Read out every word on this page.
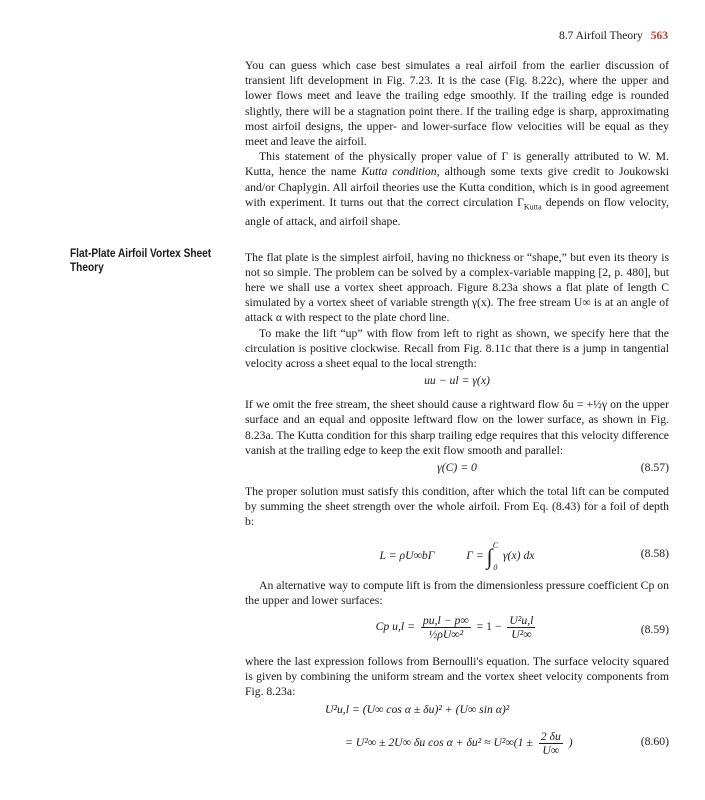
8.7 Airfoil Theory 563
Flat-Plate Airfoil Vortex Sheet Theory

You can guess which case best simulates a real airfoil from the earlier discussion of transient lift development in Fig. 7.23. It is the case (Fig. 8.22c), where the upper and lower flows meet and leave the trailing edge smoothly. If the trailing edge is rounded slightly, there will be a stagnation point there. If the trailing edge is sharp, approximating most airfoil designs, the upper- and lower-surface flow velocities will be equal as they meet and leave the airfoil.

This statement of the physically proper value of Γ is generally attributed to W. M. Kutta, hence the name Kutta condition, although some texts give credit to Joukowski and/or Chaplygin. All airfoil theories use the Kutta condition, which is in good agreement with experiment. It turns out that the correct circulation $\Gamma_{Kutta}$ depends on flow velocity, angle of attack, and airfoil shape.

The flat plate is the simplest airfoil, having no thickness or “shape,” but even its theory is not so simple. The problem can be solved by a complex-variable mapping [2, p. 480], but here we shall use a vortex sheet approach. Figure 8.23a shows a flat plate of length C simulated by a vortex sheet of variable strength γ(x). The free stream U∞ is at an angle of attack α with respect to the plate chord line.

To make the lift “up” with flow from left to right as shown, we specify here that the circulation is positive clockwise. Recall from Fig. 8.11c that there is a jump in tangential velocity across a sheet equal to the local strength:

uu − ul = γ(x)

If we omit the free stream, the sheet should cause a rightward flow δu = +½γ on the upper surface and an equal and opposite leftward flow on the lower surface, as shown in Fig. 8.23a. The Kutta condition for this sharp trailing edge requires that this velocity difference vanish at the trailing edge to keep the exit flow smooth and parallel:

γ(C) = 0	(8.57)

The proper solution must satisfy this condition, after which the total lift can be computed by summing the sheet strength over the whole airfoil. From Eq. (8.43) for a foil of depth b:

L = ρU∞bΓ	Γ = ∫C

0 γ(x) dx	(8.58)

An alternative way to compute lift is from the dimensionless pressure coefficient Cp on the upper and lower surfaces:

Cp $u,l = \frac{pu,l - p\infty}{\text{½ρU∞²}} = 1 - \frac{\text{U²u,l}}{\text{U²∞}}$	(8.59)

where the last expression follows from Bernoulli's equation. The surface velocity squared is given by combining the uniform stream and the vortex sheet velocity components from Fig. 8.23a:

U²u,l = (U∞ cos α ± δu)² + (U∞ sin α)²
= U²∞ ± 2U∞ δu $\cos \alpha + \delta u^2 \approx U^2\infty(1 \pm \frac{2 \delta u}{U\infty}$ )	(8.60)
